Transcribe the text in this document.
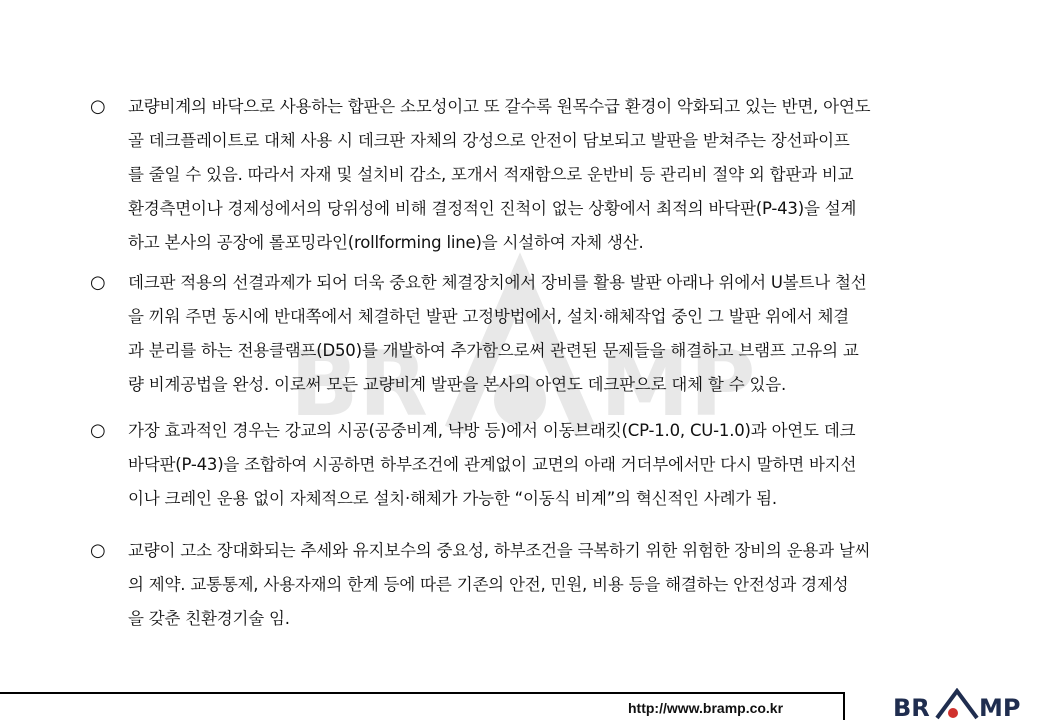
BR MP
○ 교량비계의 바닥으로 사용하는 합판은 소모성이고 또 갈수록 원목수급 환경이 악화되고 있는 반면, 아연도
골 데크플레이트로 대체 사용 시 데크판 자체의 강성으로 안전이 담보되고 발판을 받쳐주는 장선파이프
를 줄일 수 있음. 따라서 자재 및 설치비 감소, 포개서 적재함으로 운반비 등 관리비 절약 외 합판과 비교
환경측면이나 경제성에서의 당위성에 비해 결정적인 진척이 없는 상황에서 최적의 바닥판(P-43)을 설계
하고 본사의 공장에 롤포밍라인(rollforming line)을 시설하여 자체 생산.
○ 데크판 적용의 선결과제가 되어 더욱 중요한 체결장치에서 장비를 활용 발판 아래나 위에서 U볼트나 철선
을 끼워 주면 동시에 반대쪽에서 체결하던 발판 고정방법에서, 설치·해체작업 중인 그 발판 위에서 체결
과 분리를 하는 전용클램프(D50)를 개발하여 추가함으로써 관련된 문제들을 해결하고 브램프 고유의 교
량 비계공법을 완성. 이로써 모든 교량비계 발판을 본사의 아연도 데크판으로 대체 할 수 있음.
○ 가장 효과적인 경우는 강교의 시공(공중비계, 낙방 등)에서 이동브래킷(CP-1.0, CU-1.0)과 아연도 데크
바닥판(P-43)을 조합하여 시공하면 하부조건에 관계없이 교면의 아래 거더부에서만 다시 말하면 바지선
이나 크레인 운용 없이 자체적으로 설치·해체가 가능한 “이동식 비계”의 혁신적인 사례가 됨.
○ 교량이 고소 장대화되는 추세와 유지보수의 중요성, 하부조건을 극복하기 위한 위험한 장비의 운용과 날씨
의 제약. 교통통제, 사용자재의 한계 등에 따른 기존의 안전, 민원, 비용 등을 해결하는 안전성과 경제성
을 갖춘 친환경기술 임.
http://www.bramp.co.kr	BR MP
